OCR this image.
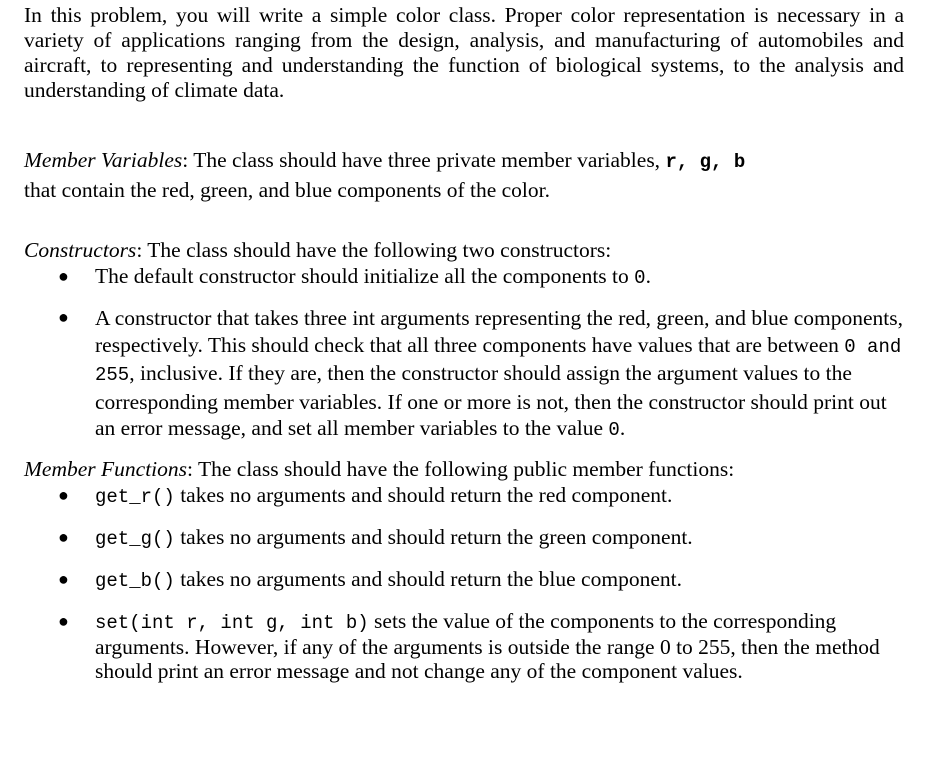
In this problem, you will write a simple color class. Proper color representation is necessary in a variety of applications ranging from the design, analysis, and manufacturing of automobiles and aircraft, to representing and understanding the function of biological systems, to the analysis and understanding of climate data.

Member Variables: The class should have three private member variables, r, g, b
that contain the red, green, and blue components of the color.

Constructors: The class should have the following two constructors:

● The default constructor should initialize all the components to 0.
● A constructor that takes three int arguments representing the red, green, and blue components, respectively. This should check that all three components have values that are between 0 and 255, inclusive. If they are, then the constructor should assign the argument values to the corresponding member variables. If one or more is not, then the constructor should print out an error message, and set all member variables to the value 0.

Member Functions: The class should have the following public member functions:

● get_r() takes no arguments and should return the red component.
● get_g() takes no arguments and should return the green component.
● get_b() takes no arguments and should return the blue component.
● set(int r, int g, int b) sets the value of the components to the corresponding arguments. However, if any of the arguments is outside the range 0 to 255, then the method should print an error message and not change any of the component values.
